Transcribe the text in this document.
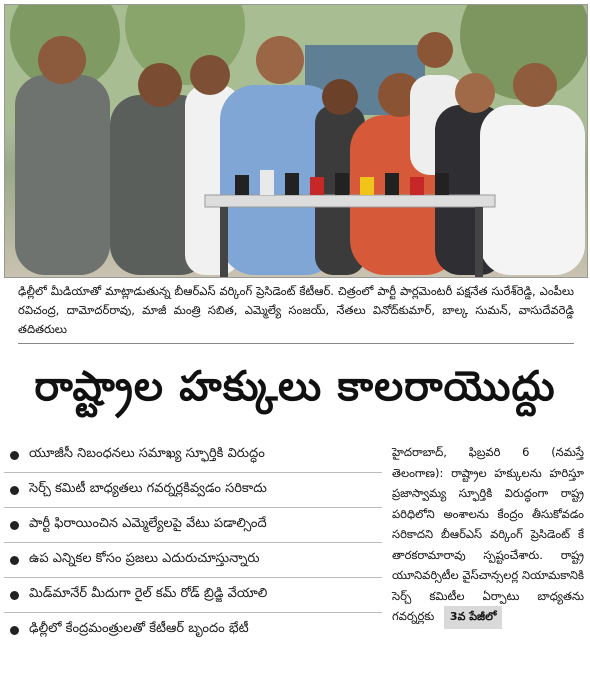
ఢిల్లీలో మీడియాతో మాట్లాడుతున్న బీఆర్ఎస్ వర్కింగ్ ప్రెసిడెంట్ కేటీఆర్. చిత్రంలో పార్టీ పార్లమెంటరీ పక్షనేత సురేశ్‌రెడ్డి, ఎంపీలు రవిచంద్ర, దామోదర్‌రావు, మాజీ మంత్రి సబిత, ఎమ్మెల్యే సంజయ్, నేతలు వినోద్‌కుమార్, బాల్క సుమన్, వాసుదేవరెడ్డి తదితరులు
రాష్ట్రాల హక్కులు కాలరాయొద్దు
యూజీసీ నిబంధనలు సమాఖ్య స్ఫూర్తికి విరుద్ధం
సెర్చ్ కమిటీ బాధ్యతలు గవర్నర్లకివ్వడం సరికాదు
పార్టీ ఫిరాయించిన ఎమ్మెల్యేలపై వేటు పడాల్సిందే
ఉప ఎన్నికల కోసం ప్రజలు ఎదురుచూస్తున్నారు
మిడ్‌మానేర్ మీదుగా రైల్ కమ్ రోడ్ బ్రిడ్జి వేయాలి
ఢిల్లీలో కేంద్రమంత్రులతో కేటీఆర్ బృందం భేటీ
హైదరాబాద్, ఫిబ్రవరి 6 (నమస్తే తెలంగాణ): రాష్ట్రాల హక్కులను హరిస్తూ ప్రజాస్వామ్య స్ఫూర్తికి విరుద్ధంగా రాష్ట్ర పరిధిలోని అంశాలను కేంద్రం తీసుకోవడం సరికాదని బీఆర్ఎస్ వర్కింగ్ ప్రెసిడెంట్ కే తారకరామారావు స్పష్టంచేశారు. రాష్ట్ర యూనివర్సిటీల వైస్‌చాన్సలర్ల నియామకానికి సెర్చ్ కమిటీల ఏర్పాటు బాధ్యతను గవర్నర్లకు 3వ పేజీలో
